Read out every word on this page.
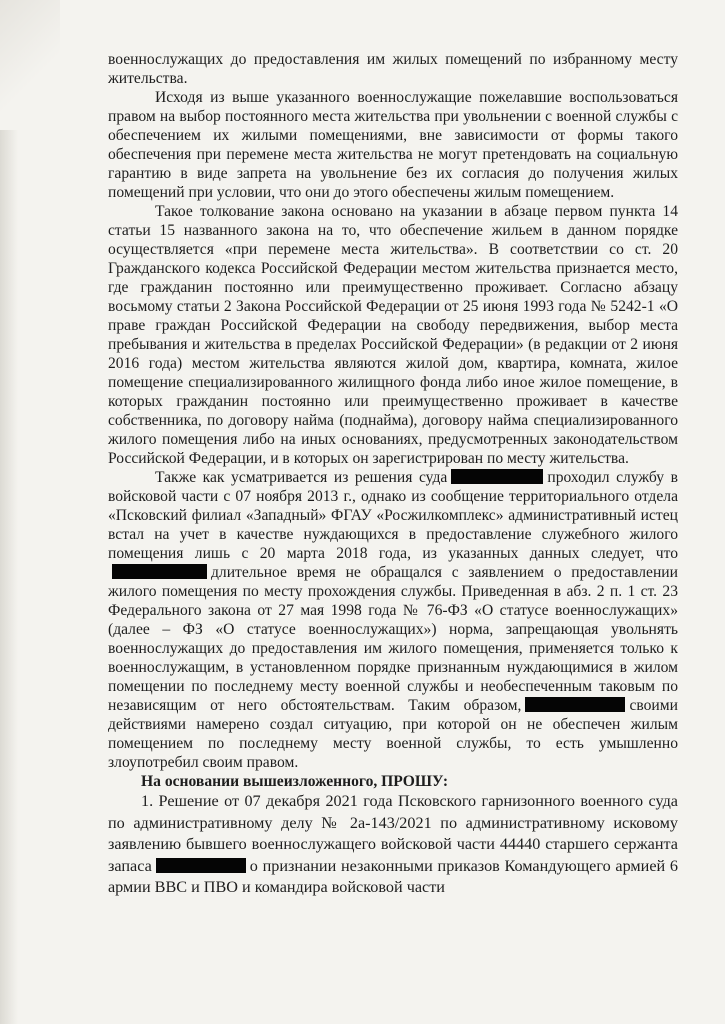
военнослужащих до предоставления им жилых помещений по избранному месту жительства.

Исходя из выше указанного военнослужащие пожелавшие воспользоваться правом на выбор постоянного места жительства при увольнении с военной службы с обеспечением их жилыми помещениями, вне зависимости от формы такого обеспечения при перемене места жительства не могут претендовать на социальную гарантию в виде запрета на увольнение без их согласия до получения жилых помещений при условии, что они до этого обеспечены жилым помещением.

Такое толкование закона основано на указании в абзаце первом пункта 14 статьи 15 названного закона на то, что обеспечение жильем в данном порядке осуществляется «при перемене места жительства». В соответствии со ст. 20 Гражданского кодекса Российской Федерации местом жительства признается место, где гражданин постоянно или преимущественно проживает. Согласно абзацу восьмому статьи 2 Закона Российской Федерации от 25 июня 1993 года № 5242-1 «О праве граждан Российской Федерации на свободу передвижения, выбор места пребывания и жительства в пределах Российской Федерации» (в редакции от 2 июня 2016 года) местом жительства являются жилой дом, квартира, комната, жилое помещение специализированного жилищного фонда либо иное жилое помещение, в которых гражданин постоянно или преимущественно проживает в качестве собственника, по договору найма (поднайма), договору найма специализированного жилого помещения либо на иных основаниях, предусмотренных законодательством Российской Федерации, и в которых он зарегистрирован по месту жительства.

Также как усматривается из решения суда	проходил службу в войсковой части с 07 ноября 2013 г., однако из сообщение территориального отдела «Псковский филиал «Западный» ФГАУ «Росжилкомплекс» административный истец встал на учет в качестве нуждающихся в предоставление служебного жилого помещения лишь с 20 марта 2018 года, из указанных данных следует, чтодлительное время не обращался с заявлением о предоставлении жилого помещения по месту прохождения службы. Приведенная в абз. 2 п. 1 ст. 23 Федерального закона от 27 мая 1998 года № 76-ФЗ «О статусе военнослужащих» (далее – ФЗ «О статусе военнослужащих») норма, запрещающая увольнять военнослужащих до предоставления им жилого помещения, применяется только к военнослужащим, в установленном порядке признанным нуждающимися в жилом помещении по последнему месту военной службы и необеспеченным таковым по независящим от него обстоятельствам. Таким образом,	своими действиями намерено создал ситуацию, при которой он не обеспечен жилым помещением по последнему месту военной службы, то есть умышленно злоупотребил своим правом.

На основании вышеизложенного, ПРОШУ:

1. Решение от 07 декабря 2021 года Псковского гарнизонного военного суда по административному делу № 2а-143/2021 по административному исковому заявлению бывшего военнослужащего войсковой части 44440 старшего сержанта запаса	о признании незаконными приказов Командующего армией 6 армии ВВС и ПВО и командира войсковой части
